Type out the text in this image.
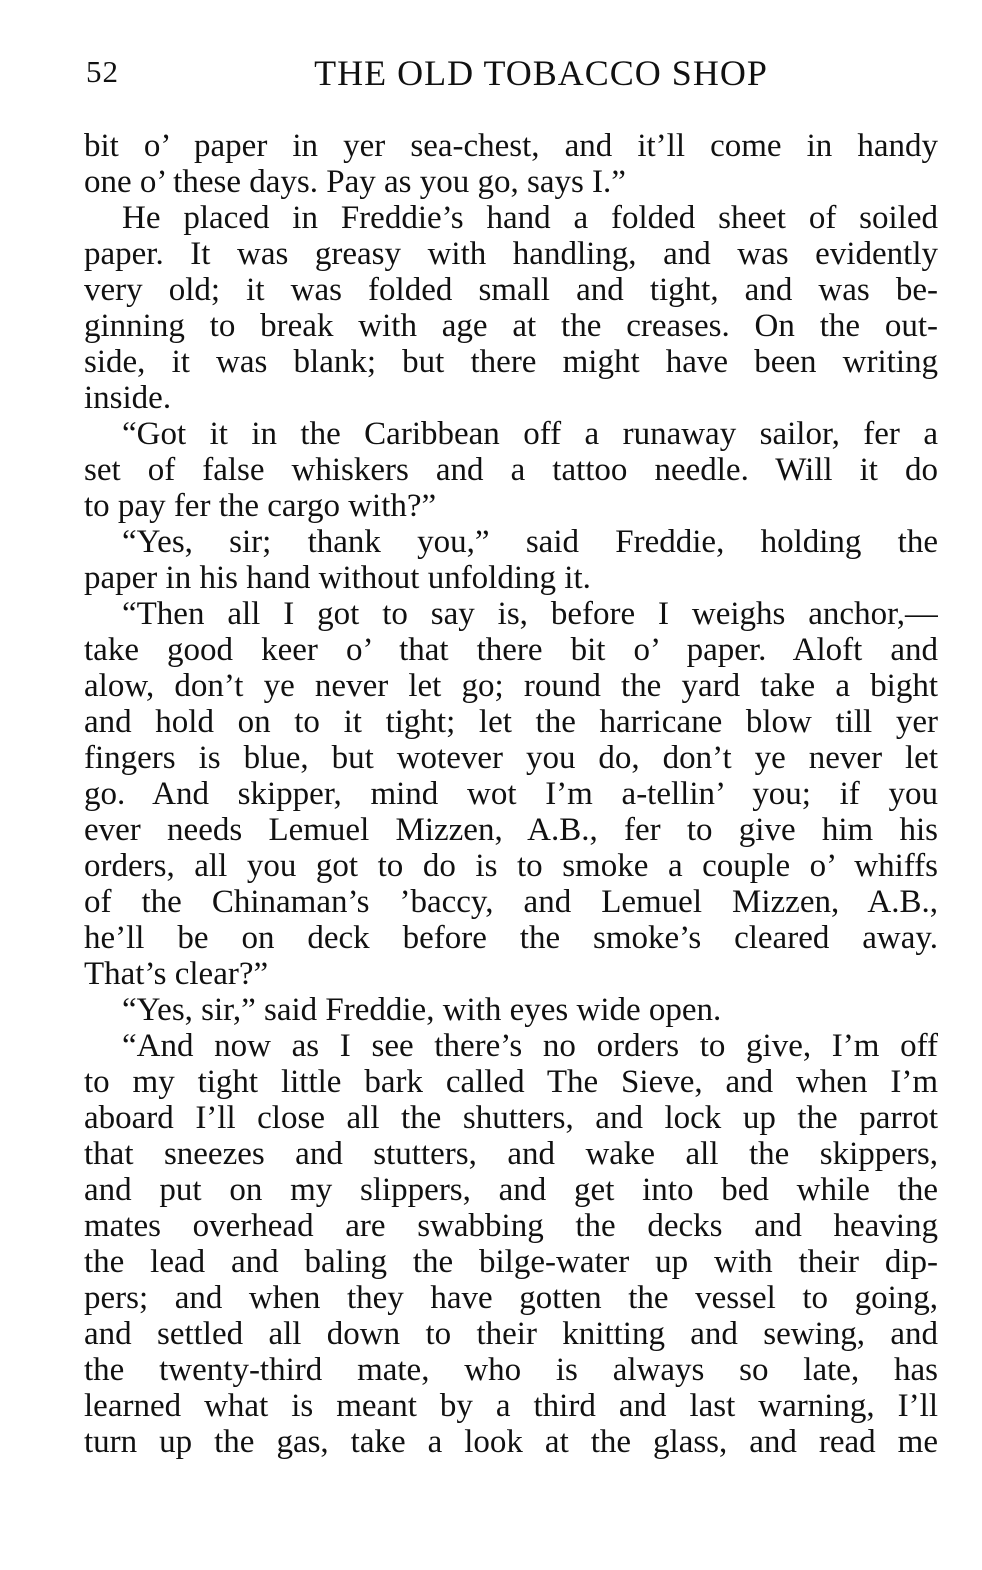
52	THE OLD TOBACCO SHOP
bit o’ paper in yer sea-chest, and it’ll come in handy
one o’ these days. Pay as you go, says I.”
He placed in Freddie’s hand a folded sheet of soiled
paper. It was greasy with handling, and was evidently
very old; it was folded small and tight, and was be-
ginning to break with age at the creases. On the out-
side, it was blank; but there might have been writing
inside.
“Got it in the Caribbean off a runaway sailor, fer a
set of false whiskers and a tattoo needle. Will it do
to pay fer the cargo with?”
“Yes, sir; thank you,” said Freddie, holding the
paper in his hand without unfolding it.
“Then all I got to say is, before I weighs anchor,—
take good keer o’ that there bit o’ paper. Aloft and
alow, don’t ye never let go; round the yard take a bight
and hold on to it tight; let the harricane blow till yer
fingers is blue, but wotever you do, don’t ye never let
go. And skipper, mind wot I’m a-tellin’ you; if you
ever needs Lemuel Mizzen, A.B., fer to give him his
orders, all you got to do is to smoke a couple o’ whiffs
of the Chinaman’s ’baccy, and Lemuel Mizzen, A.B.,
he’ll be on deck before the smoke’s cleared away.
That’s clear?”
“Yes, sir,” said Freddie, with eyes wide open.
“And now as I see there’s no orders to give, I’m off
to my tight little bark called The Sieve, and when I’m
aboard I’ll close all the shutters, and lock up the parrot
that sneezes and stutters, and wake all the skippers,
and put on my slippers, and get into bed while the
mates overhead are swabbing the decks and heaving
the lead and baling the bilge-water up with their dip-
pers; and when they have gotten the vessel to going,
and settled all down to their knitting and sewing, and
the twenty-third mate, who is always so late, has
learned what is meant by a third and last warning, I’ll
turn up the gas, take a look at the glass, and read me
